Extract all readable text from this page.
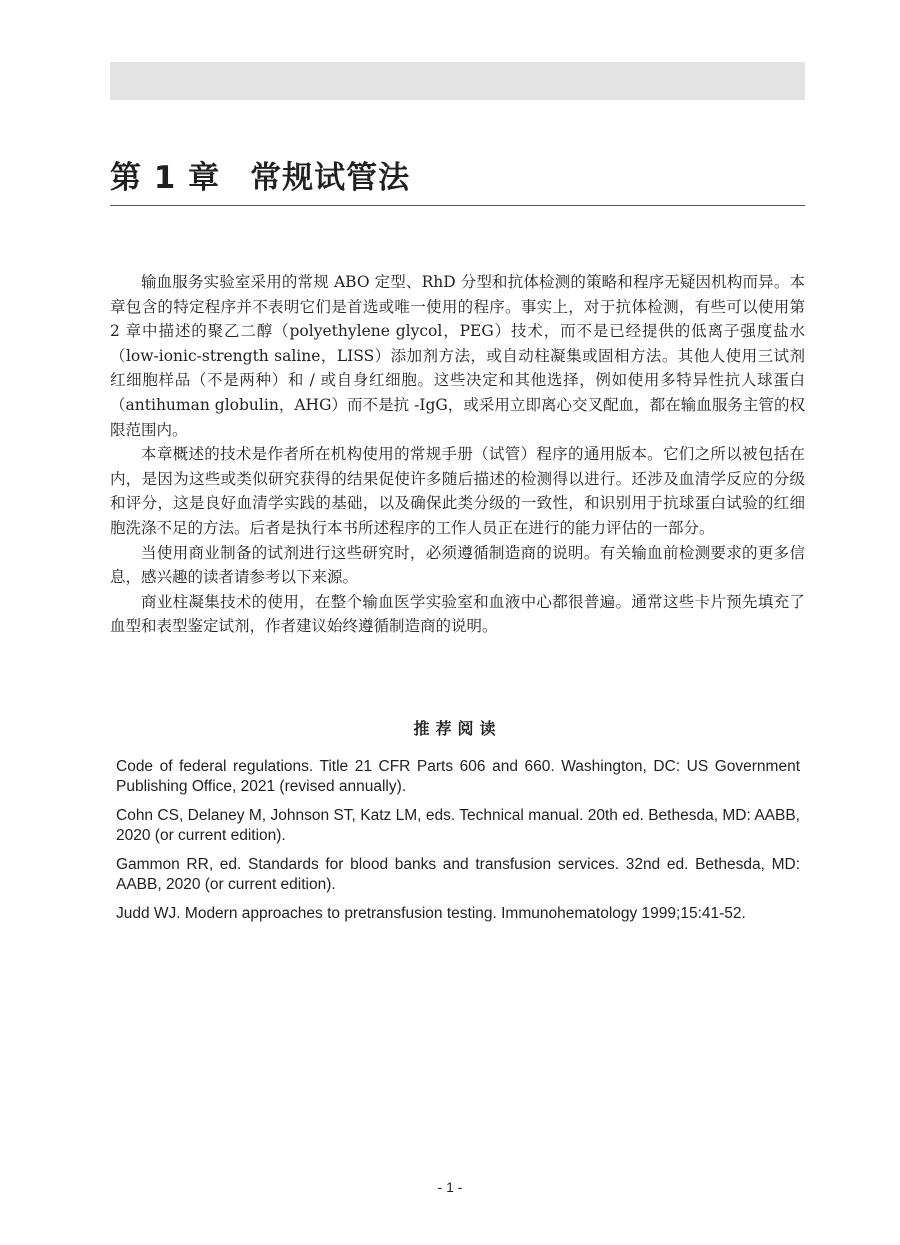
第 1 章 常规试管法

输血服务实验室采用的常规 ABO 定型、RhD 分型和抗体检测的策略和程序无疑因机构而异。本章包含的特定程序并不表明它们是首选或唯一使用的程序。事实上，对于抗体检测，有些可以使用第 2 章中描述的聚乙二醇（polyethylene glycol，PEG）技术，而不是已经提供的低离子强度盐水（low-ionic-strength saline，LISS）添加剂方法，或自动柱凝集或固相方法。其他人使用三试剂红细胞样品（不是两种）和 / 或自身红细胞。这些决定和其他选择，例如使用多特异性抗人球蛋白（antihuman globulin，AHG）而不是抗 -IgG，或采用立即离心交叉配血，都在输血服务主管的权限范围内。

本章概述的技术是作者所在机构使用的常规手册（试管）程序的通用版本。它们之所以被包括在内，是因为这些或类似研究获得的结果促使许多随后描述的检测得以进行。还涉及血清学反应的分级和评分，这是良好血清学实践的基础，以及确保此类分级的一致性，和识别用于抗球蛋白试验的红细胞洗涤不足的方法。后者是执行本书所述程序的工作人员正在进行的能力评估的一部分。

当使用商业制备的试剂进行这些研究时，必须遵循制造商的说明。有关输血前检测要求的更多信息，感兴趣的读者请参考以下来源。

商业柱凝集技术的使用，在整个输血医学实验室和血液中心都很普遍。通常这些卡片预先填充了血型和表型鉴定试剂，作者建议始终遵循制造商的说明。

推荐阅读

Code of federal regulations. Title 21 CFR Parts 606 and 660. Washington, DC: US Government Publishing Office, 2021 (revised annually).

Cohn CS, Delaney M, Johnson ST, Katz LM, eds. Technical manual. 20th ed. Bethesda, MD: AABB, 2020 (or current edition).

Gammon RR, ed. Standards for blood banks and transfusion services. 32nd ed. Bethesda, MD: AABB, 2020 (or current edition).

Judd WJ. Modern approaches to pretransfusion testing. Immunohematology 1999;15:41-52.

- 1 -
